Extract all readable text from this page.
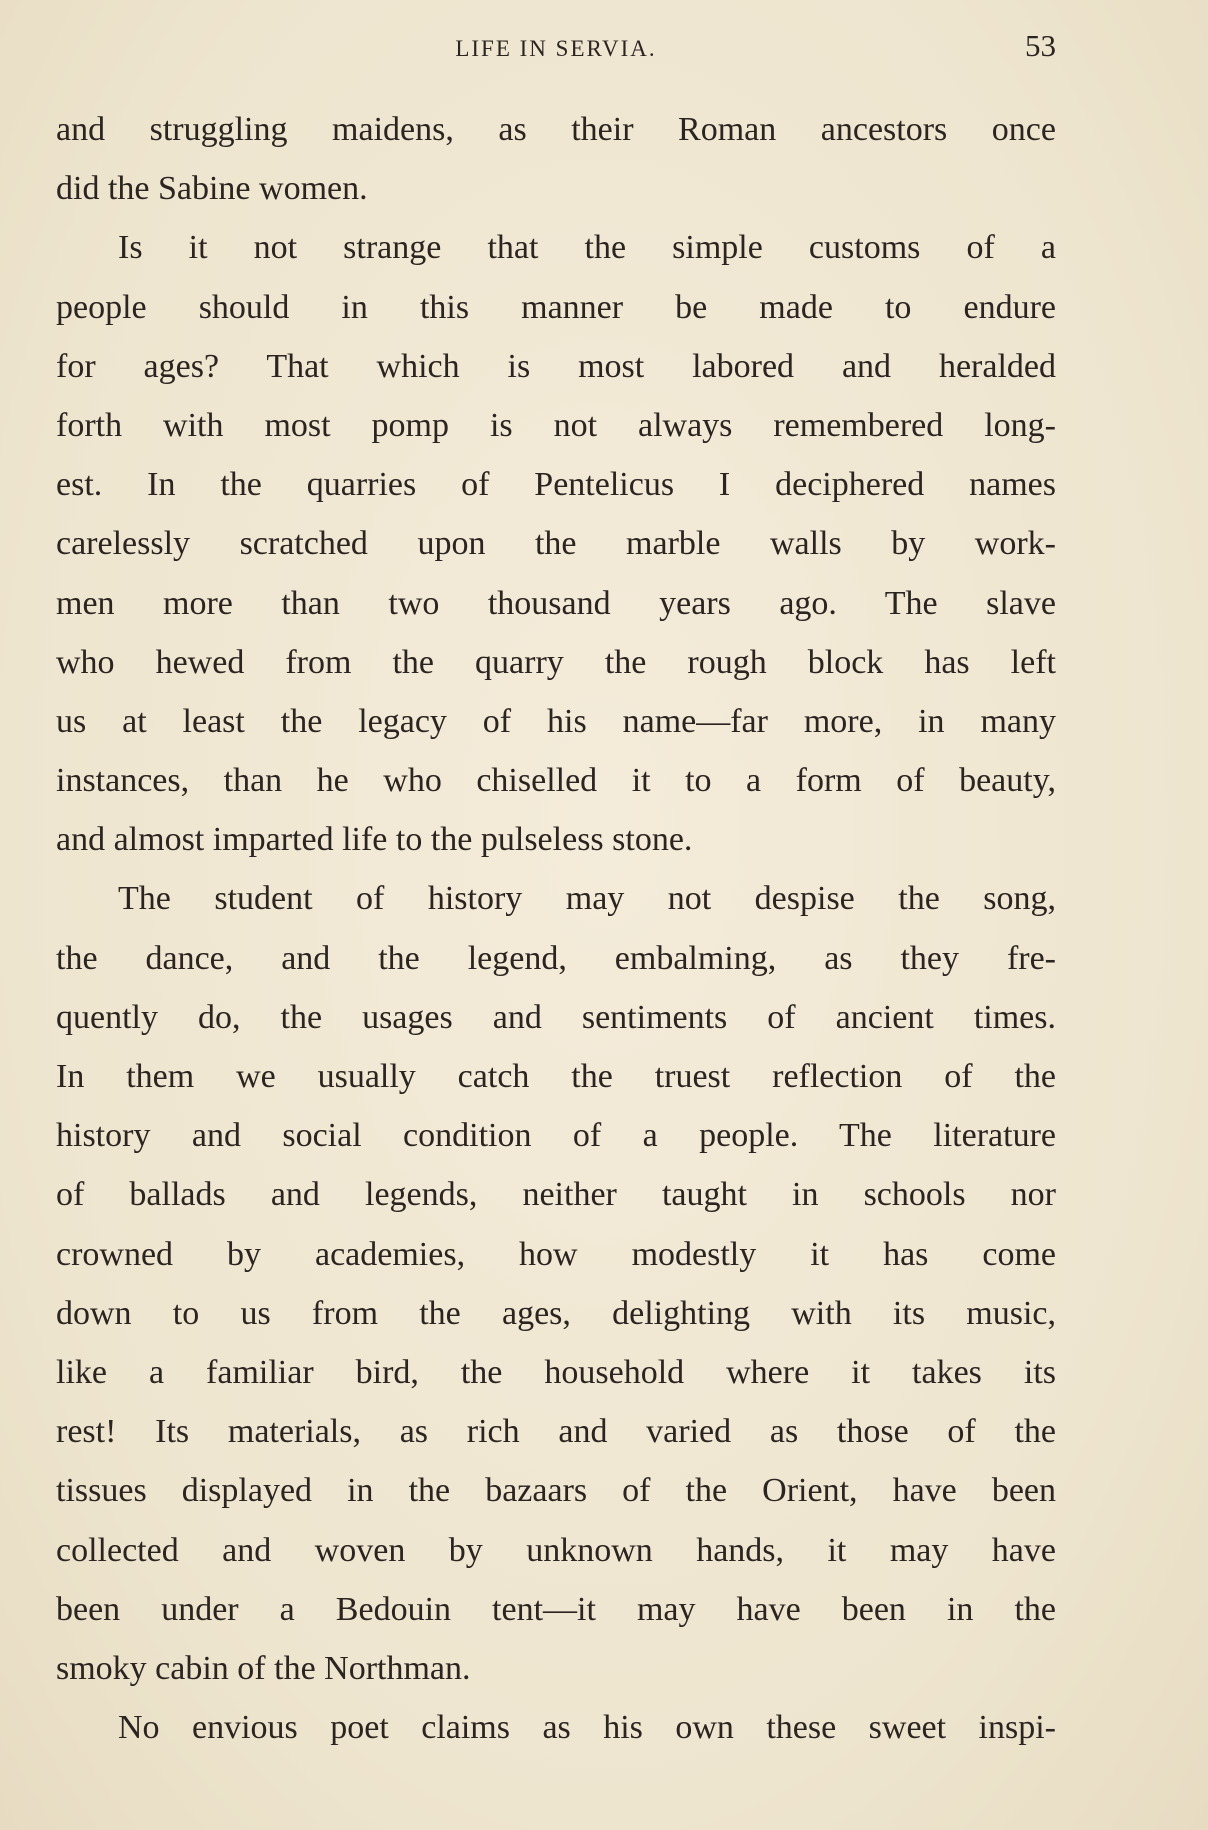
LIFE IN SERVIA.	53
and struggling maidens, as their Roman ancestors once
did the Sabine women.
Is it not strange that the simple customs of a
people should in this manner be made to endure
for ages? That which is most labored and heralded
forth with most pomp is not always remembered long-
est. In the quarries of Pentelicus I deciphered names
carelessly scratched upon the marble walls by work-
men more than two thousand years ago. The slave
who hewed from the quarry the rough block has left
us at least the legacy of his name—far more, in many
instances, than he who chiselled it to a form of beauty,
and almost imparted life to the pulseless stone.
The student of history may not despise the song,
the dance, and the legend, embalming, as they fre-
quently do, the usages and sentiments of ancient times.
In them we usually catch the truest reflection of the
history and social condition of a people. The literature
of ballads and legends, neither taught in schools nor
crowned by academies, how modestly it has come
down to us from the ages, delighting with its music,
like a familiar bird, the household where it takes its
rest! Its materials, as rich and varied as those of the
tissues displayed in the bazaars of the Orient, have been
collected and woven by unknown hands, it may have
been under a Bedouin tent—it may have been in the
smoky cabin of the Northman.
No envious poet claims as his own these sweet inspi-
